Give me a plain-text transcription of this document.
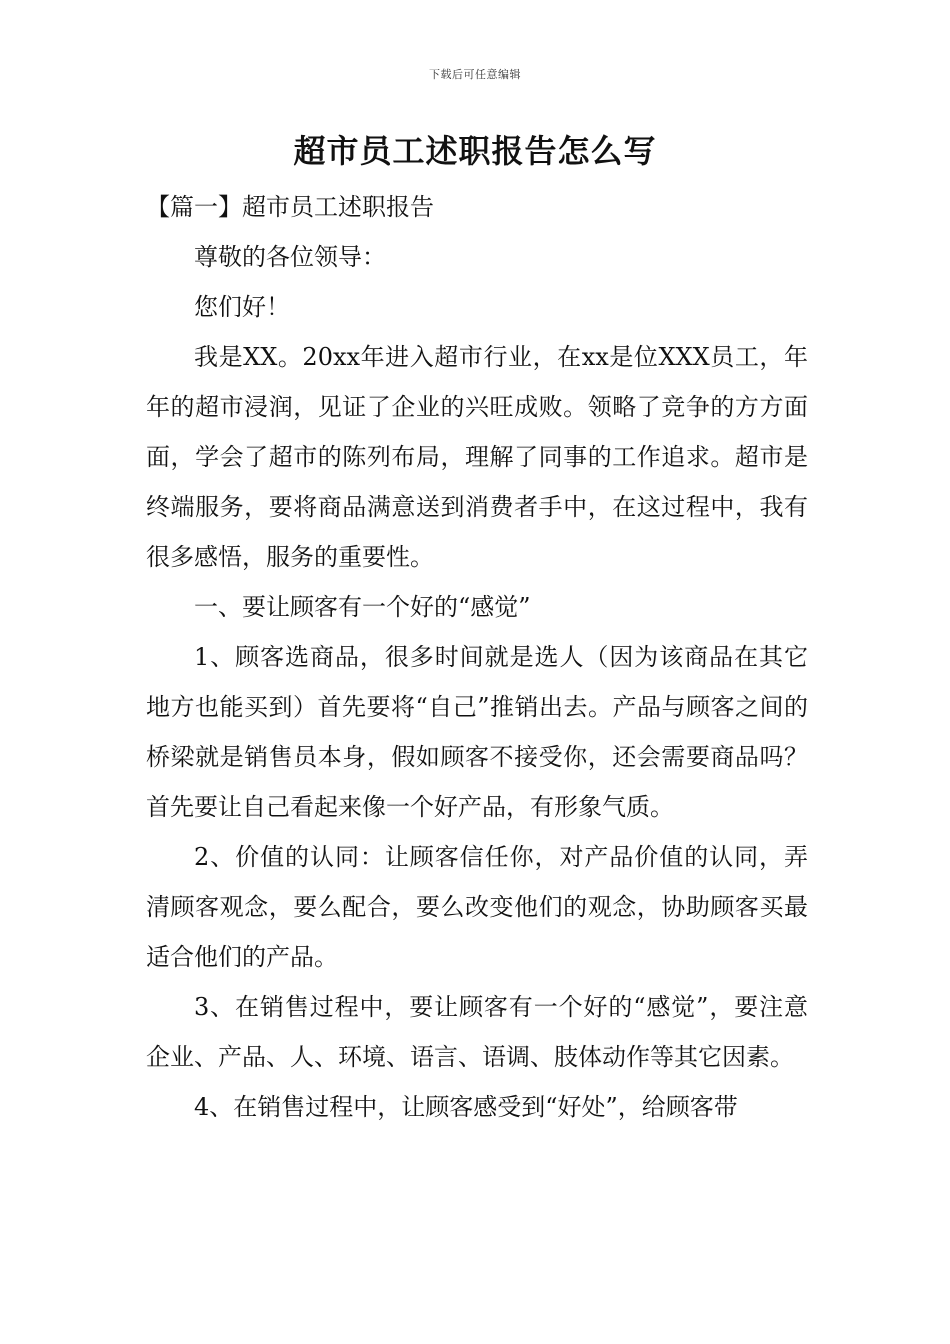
下载后可任意编辑
超市员工述职报告怎么写

【篇一】超市员工述职报告

尊敬的各位领导：

您们好！

我是XX。20xx年进入超市行业，在xx是位XXX员工，年年的超市浸润，见证了企业的兴旺成败。领略了竞争的方方面面，学会了超市的陈列布局，理解了同事的工作追求。超市是终端服务，要将商品满意送到消费者手中，在这过程中，我有很多感悟，服务的重要性。

一、要让顾客有一个好的“感觉”

1、顾客选商品，很多时间就是选人（因为该商品在其它地方也能买到）首先要将“自己”推销出去。产品与顾客之间的桥梁就是销售员本身，假如顾客不接受你，还会需要商品吗？首先要让自己看起来像一个好产品，有形象气质。

2、价值的认同：让顾客信任你，对产品价值的认同，弄清顾客观念，要么配合，要么改变他们的观念，协助顾客买最适合他们的产品。

3、在销售过程中，要让顾客有一个好的“感觉”，要注意企业、产品、人、环境、语言、语调、肢体动作等其它因素。

4、在销售过程中，让顾客感受到“好处”，给顾客带
